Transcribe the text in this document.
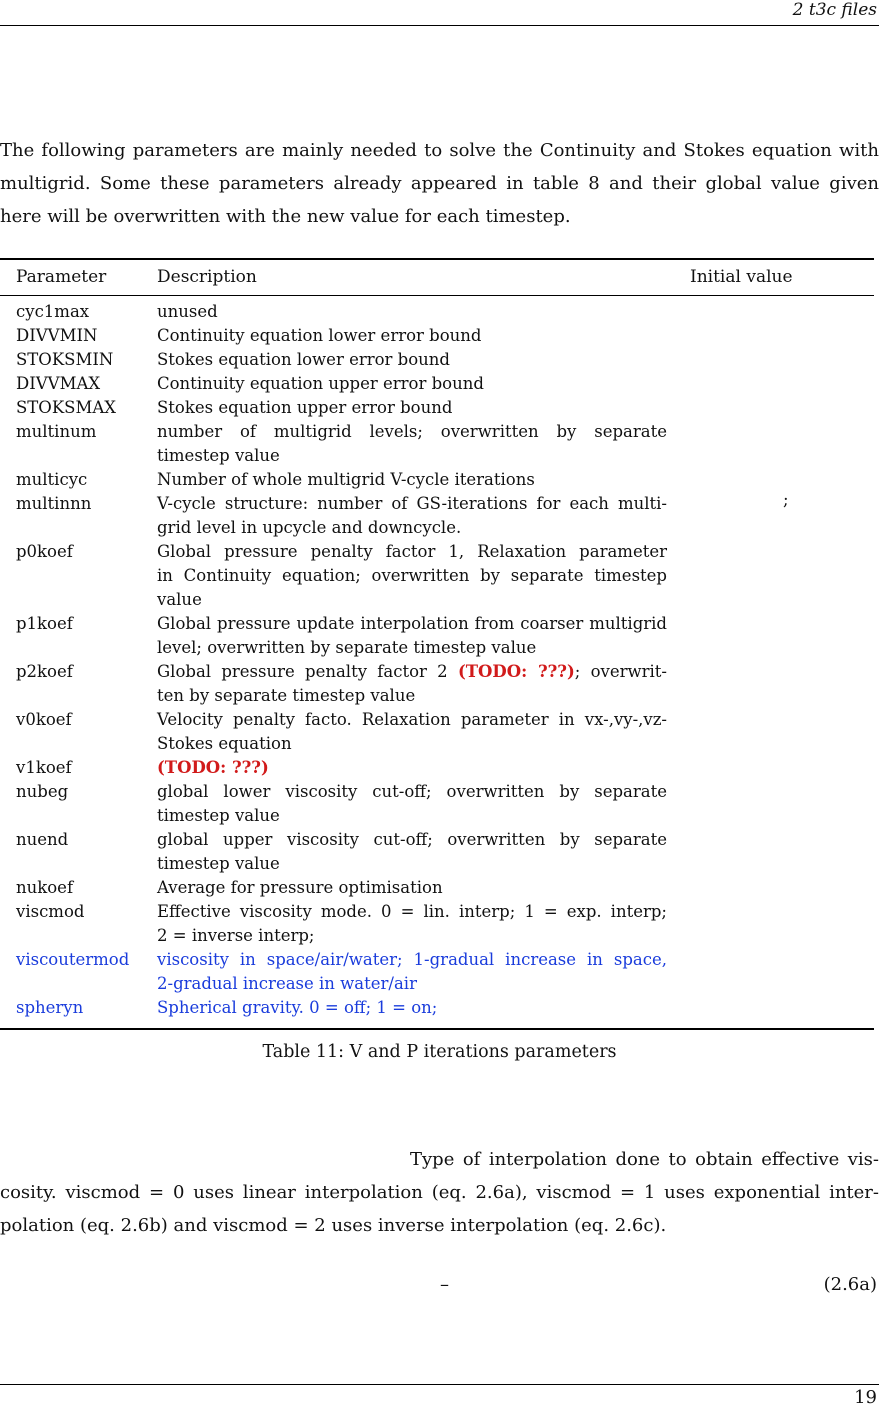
2 t3c files
The following parameters are mainly needed to solve the Continuity and Stokes equation with
multigrid. Some these parameters already appeared in table 8 and their global value given
here will be overwritten with the new value for each timestep.
Parameter	Description	Initial value
cyc1max	unused
DIVVMIN	Continuity equation lower error bound
STOKSMIN	Stokes equation lower error bound
DIVVMAX	Continuity equation upper error bound
STOKSMAX Stokes equation upper error bound
multinum	number of multigrid levels; overwritten by separate
timestep value
multicyc	Number of whole multigrid V-cycle iterations
multinnn	V-cycle structure: number of GS-iterations for each multi-
grid level in upcycle and downcycle.
p0koef	Global pressure penalty factor 1, Relaxation parameter
in Continuity equation; overwritten by separate timestep
value
p1koef	Global pressure update interpolation from coarser multigrid
level; overwritten by separate timestep value
p2koef	Global pressure penalty factor 2 (TODO: ???); overwrit-
ten by separate timestep value
v0koef	Velocity penalty facto. Relaxation parameter in vx-,vy-,vz-
Stokes equation
v1koef	(TODO: ???)
nubeg	global lower viscosity cut-off; overwritten by separate
timestep value
nuend	global upper viscosity cut-off; overwritten by separate
timestep value
nukoef	Average for pressure optimisation
viscmod	Effective viscosity mode. 0 = lin. interp; 1 = exp. interp;
2 = inverse interp;
viscoutermod viscosity in space/air/water; 1-gradual increase in space,
2-gradual increase in water/air
spheryn	Spherical gravity. 0 = off; 1 = on;
;
Table 11: V and P iterations parameters
Type of interpolation done to obtain effective vis-
cosity. viscmod = 0 uses linear interpolation (eq. 2.6a), viscmod = 1 uses exponential inter-
polation (eq. 2.6b) and viscmod = 2 uses inverse interpolation (eq. 2.6c).
–	(2.6a)
19
